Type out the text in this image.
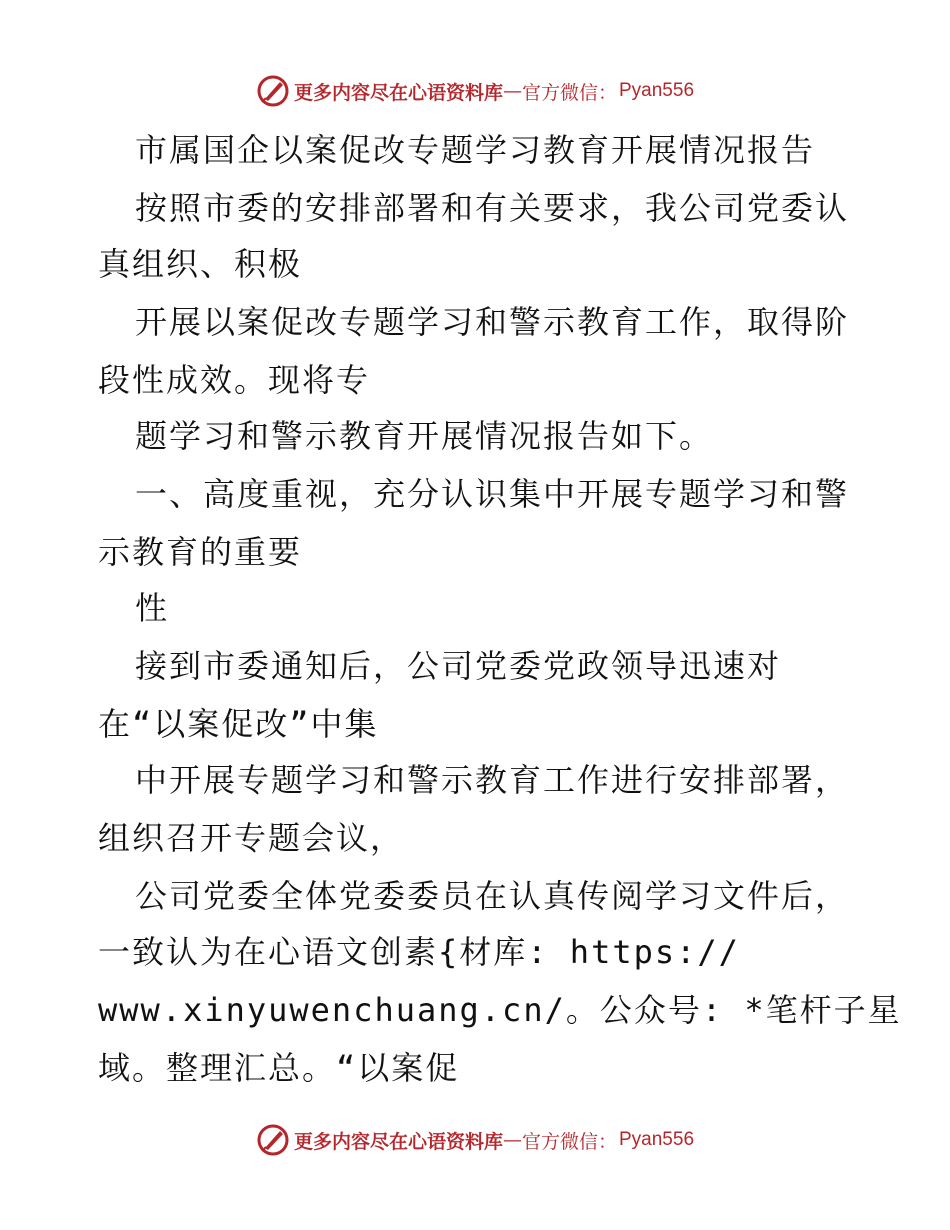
更多内容尽在心语资料库 — 官方微信： Pyan556
市属国企以案促改专题学习教育开展情况报告
按照市委的安排部署和有关要求，我公司党委认
真组织、积极
开展以案促改专题学习和警示教育工作，取得阶
段性成效。现将专
题学习和警示教育开展情况报告如下。
一、高度重视，充分认识集中开展专题学习和警
示教育的重要
性
接到市委通知后，公司党委党政领导迅速对
在“以案促改”中集
中开展专题学习和警示教育工作进行安排部署，
组织召开专题会议，
公司党委全体党委委员在认真传阅学习文件后，
一致认为在心语文创素{材库: https://
www.xinyuwenchuang.cn/。公众号: *笔杆子星
域。整理汇总。“以案促
更多内容尽在心语资料库 — 官方微信： Pyan556
